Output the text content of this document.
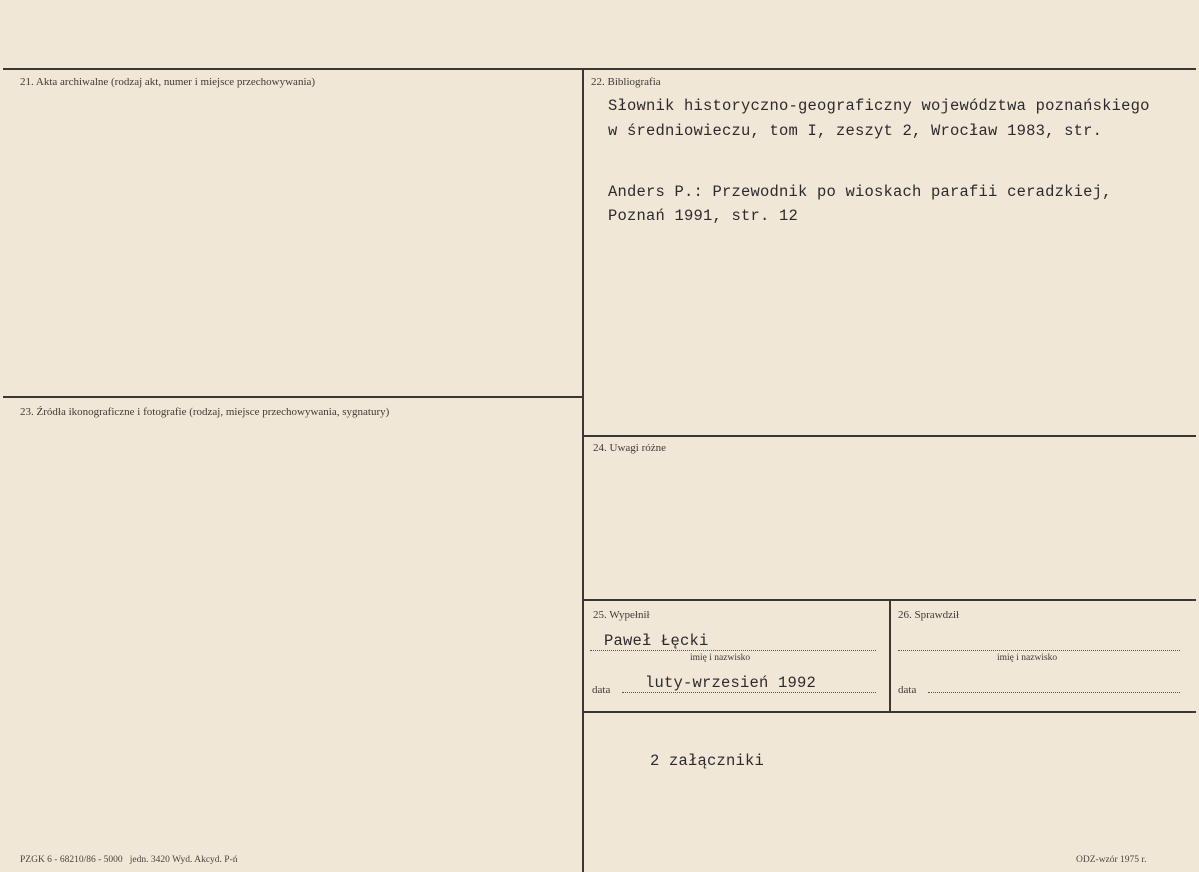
21. Akta archiwalne (rodzaj akt, numer i miejsce przechowywania)	22. Bibliografia
Słownik historyczno-geograficzny województwa poznańskiego
w średniowieczu, tom I, zeszyt 2, Wrocław 1983, str.
Anders P.: Przewodnik po wioskach parafii ceradzkiej,
Poznań 1991, str. 12
23. Źródła ikonograficzne i fotografie (rodzaj, miejsce przechowywania, sygnatury)
24. Uwagi różne
25. Wypełnił
Paweł Łęcki
imię i nazwisko
data luty-wrzesień 1992
26. Sprawdził
imię i nazwisko
data
2 załączniki
PZGK 6 - 68210/86 - 5000   jedn. 3420 Wyd. Akcyd. P-ń	ODZ-wzór 1975 r.
